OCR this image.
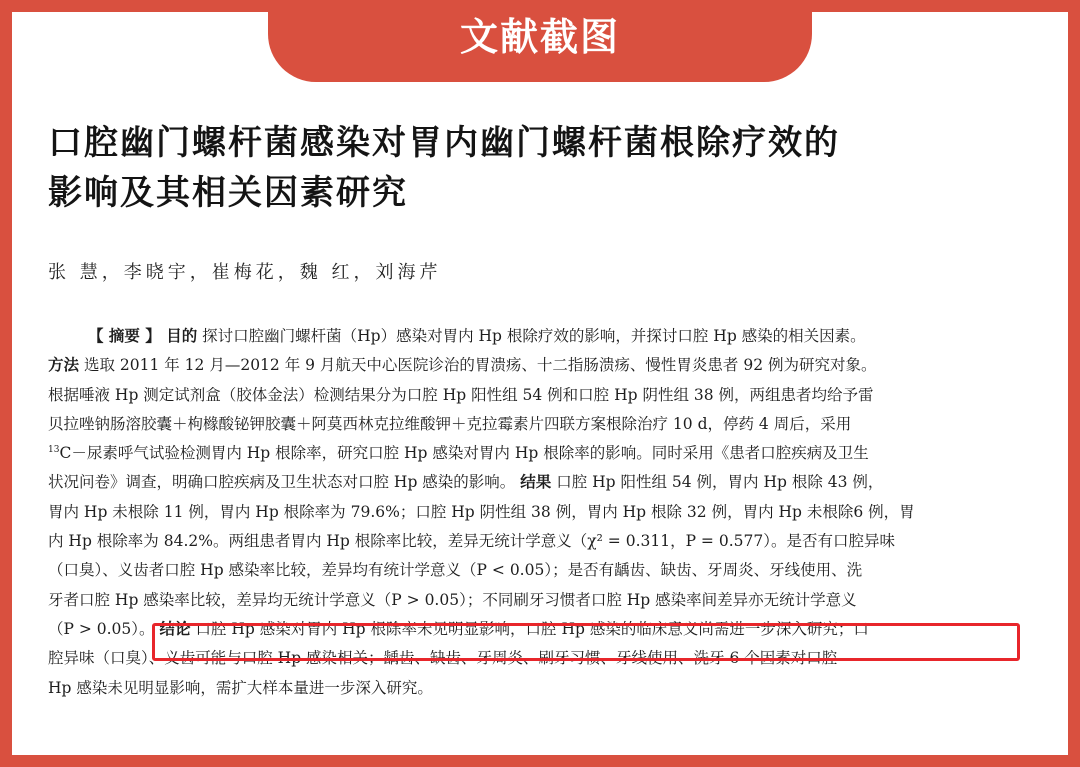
文献截图
口腔幽门螺杆菌感染对胃内幽门螺杆菌根除疗效的
影响及其相关因素研究
张 慧，李晓宇，崔梅花，魏 红，刘海芹
【 摘要 】 目的 探讨口腔幽门螺杆菌（Hp）感染对胃内 Hp 根除疗效的影响，并探讨口腔 Hp 感染的相关因素。
方法 选取 2011 年 12 月—2012 年 9 月航天中心医院诊治的胃溃疡、十二指肠溃疡、慢性胃炎患者 92 例为研究对象。
根据唾液 Hp 测定试剂盒（胶体金法）检测结果分为口腔 Hp 阳性组 54 例和口腔 Hp 阴性组 38 例，两组患者均给予雷
贝拉唑钠肠溶胶囊＋枸橼酸铋钾胶囊＋阿莫西林克拉维酸钾＋克拉霉素片四联方案根除治疗 10 d，停药 4 周后，采用
$^{13}$C－尿素呼气试验检测胃内 Hp 根除率，研究口腔 Hp 感染对胃内 Hp 根除率的影响。同时采用《患者口腔疾病及卫生
状况问卷》调查，明确口腔疾病及卫生状态对口腔 Hp 感染的影响。 结果 口腔 Hp 阳性组 54 例，胃内 Hp 根除 43 例，
胃内 Hp 未根除 11 例，胃内 Hp 根除率为 79.6%；口腔 Hp 阴性组 38 例，胃内 Hp 根除 32 例，胃内 Hp 未根除6 例，胃
内 Hp 根除率为 84.2%。两组患者胃内 Hp 根除率比较，差异无统计学意义（χ² = 0.311，P = 0.577）。是否有口腔异味
（口臭）、义齿者口腔 Hp 感染率比较，差异均有统计学意义（P < 0.05）；是否有龋齿、缺齿、牙周炎、牙线使用、洗
牙者口腔 Hp 感染率比较，差异均无统计学意义（P > 0.05）；不同刷牙习惯者口腔 Hp 感染率间差异亦无统计学意义
（P > 0.05）。 结论 口腔 Hp 感染对胃内 Hp 根除率未见明显影响，口腔 Hp 感染的临床意义尚需进一步深入研究；口
腔异味（口臭）、义齿可能与口腔 Hp 感染相关；龋齿、缺齿、牙周炎、刷牙习惯、牙线使用、洗牙 6 个因素对口腔
Hp 感染未见明显影响，需扩大样本量进一步深入研究。
